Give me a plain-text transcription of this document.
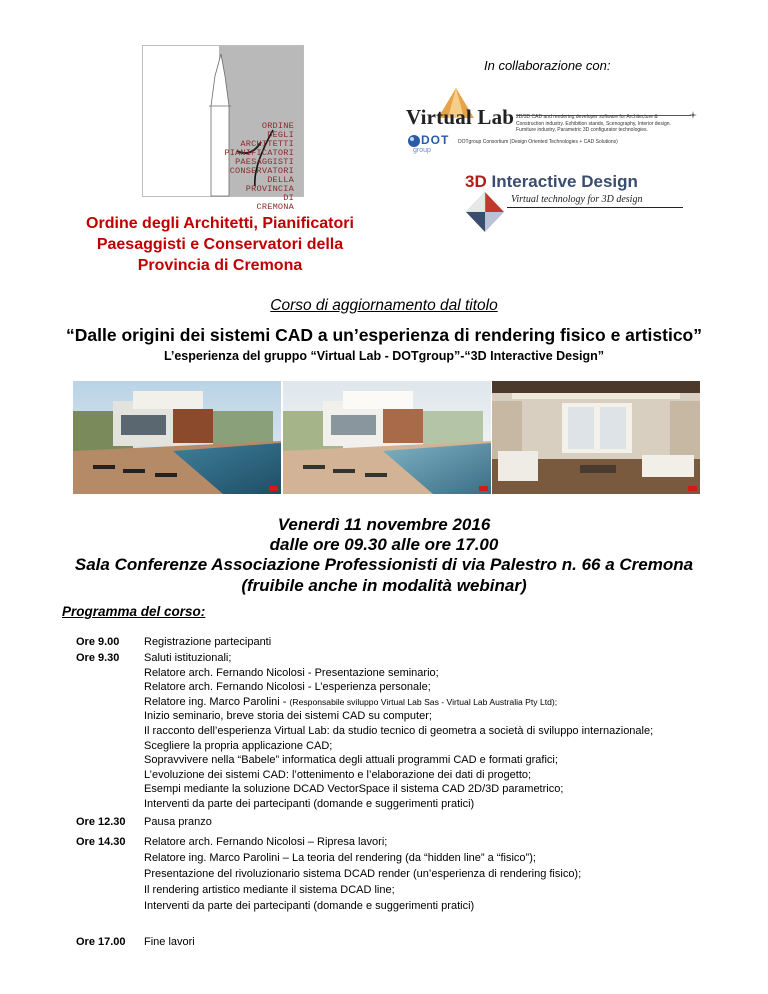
ORDINE
DEGLI
ARCHITETTI
PIANIFICATORI
PAESAGGISTI
CONSERVATORI
DELLA
PROVINCIA
DI
CREMONA
In collaborazione con:
Virtual Lab 2D/3D CAD and rendering developer software for Architecture & Construction industry. Exhibition stands, Scenography, Interior design. Furniture industry, Parametric 3D configurator technologies.
DOT
group
DOTgroup Consortium (Design Oriented Technologies + CAD Solutions)
3D Interactive Design
Virtual technology for 3D design
Ordine degli Architetti, Pianificatori
Paesaggisti e Conservatori della
Provincia di Cremona
Corso di aggiornamento dal titolo
“Dalle origini dei sistemi CAD a un’esperienza di rendering fisico e artistico”
L’esperienza del gruppo “Virtual Lab - DOTgroup”-“3D Interactive Design”
Venerdì 11 novembre 2016
dalle ore 09.30 alle ore 17.00
Sala Conferenze Associazione Professionisti di via Palestro n. 66 a Cremona
(fruibile anche in modalità webinar)
Programma del corso:
Ore 9.00
Ore 9.30
Ore 12.30
Ore 14.30
Ore 17.00
Registrazione partecipanti
Saluti istituzionali;
Relatore arch. Fernando Nicolosi - Presentazione seminario;
Relatore arch. Fernando Nicolosi - L’esperienza personale;
Relatore ing. Marco Parolini - (Responsabile sviluppo Virtual Lab Sas - Virtual Lab Australia Pty Ltd);
Inizio seminario, breve storia dei sistemi CAD su computer;
Il racconto dell’esperienza Virtual Lab: da studio tecnico di geometra a società di sviluppo internazionale;
Scegliere la propria applicazione CAD;
Sopravvivere nella “Babele” informatica degli attuali programmi CAD e formati grafici;
L’evoluzione dei sistemi CAD: l’ottenimento e l’elaborazione dei dati di progetto;
Esempi mediante la soluzione DCAD VectorSpace il sistema CAD 2D/3D parametrico;
Interventi da parte dei partecipanti (domande e suggerimenti pratici)
Relatore arch. Fernando Nicolosi – Ripresa lavori;
Relatore ing. Marco Parolini – La teoria del rendering (da “hidden line” a “fisico”);
Presentazione del rivoluzionario sistema DCAD render (un’esperienza di rendering fisico);
Il rendering artistico mediante il sistema DCAD line;
Interventi da parte dei partecipanti (domande e suggerimenti pratici)
Fine lavori
Pausa pranzo
